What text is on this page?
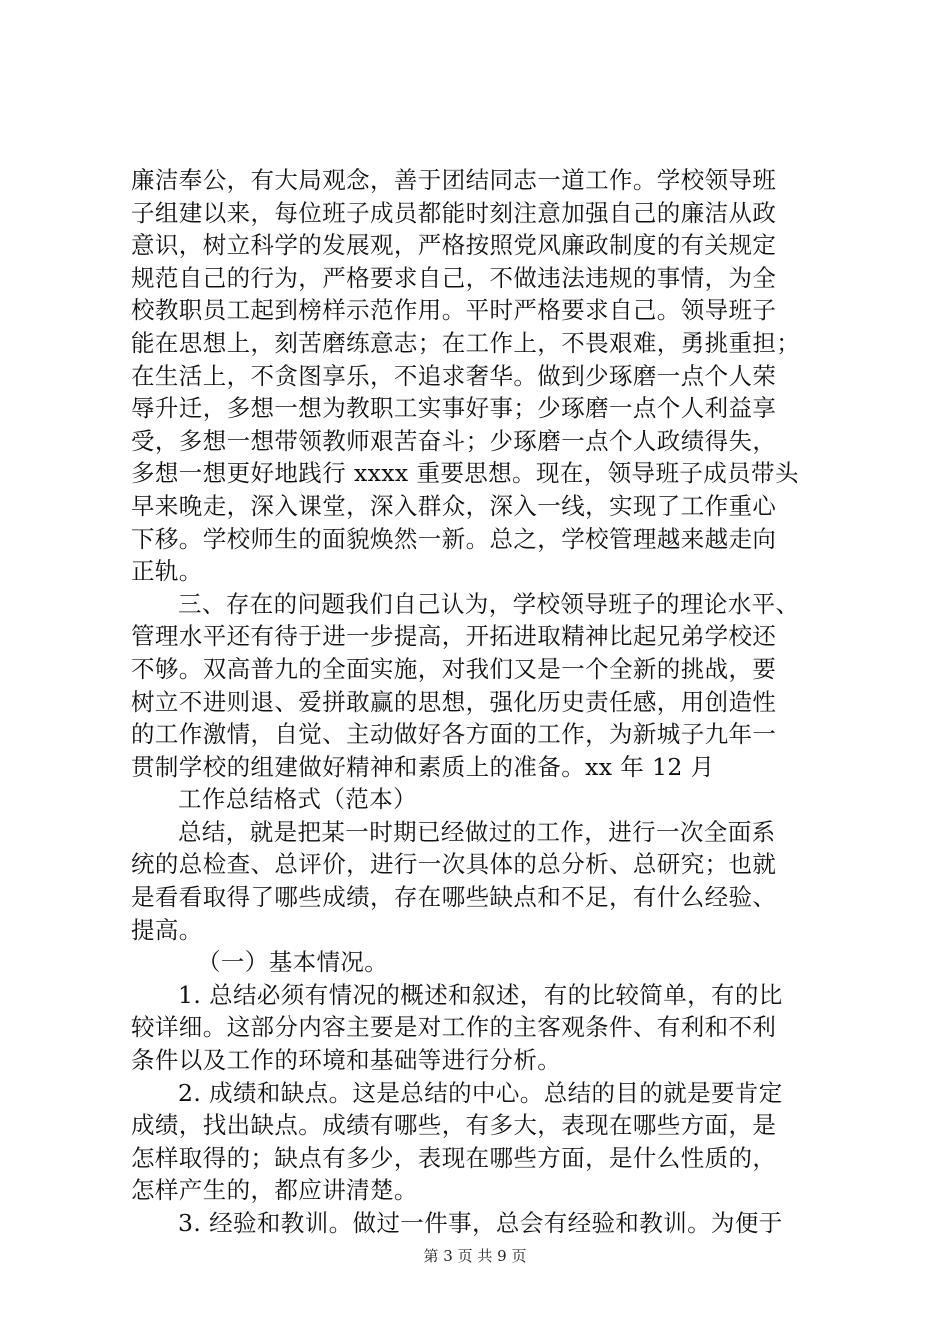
廉洁奉公，有大局观念，善于团结同志一道工作。学校领导班
子组建以来，每位班子成员都能时刻注意加强自己的廉洁从政
意识，树立科学的发展观，严格按照党风廉政制度的有关规定
规范自己的行为，严格要求自己，不做违法违规的事情，为全
校教职员工起到榜样示范作用。平时严格要求自己。领导班子
能在思想上，刻苦磨练意志；在工作上，不畏艰难，勇挑重担；
在生活上，不贪图享乐，不追求奢华。做到少琢磨一点个人荣
辱升迁，多想一想为教职工实事好事；少琢磨一点个人利益享
受，多想一想带领教师艰苦奋斗；少琢磨一点个人政绩得失，
多想一想更好地践行 xxxx 重要思想。现在，领导班子成员带头
早来晚走，深入课堂，深入群众，深入一线，实现了工作重心
下移。学校师生的面貌焕然一新。总之，学校管理越来越走向
正轨。
三、存在的问题我们自己认为，学校领导班子的理论水平、
管理水平还有待于进一步提高，开拓进取精神比起兄弟学校还
不够。双高普九的全面实施，对我们又是一个全新的挑战，要
树立不进则退、爱拼敢赢的思想，强化历史责任感，用创造性
的工作激情，自觉、主动做好各方面的工作，为新城子九年一
贯制学校的组建做好精神和素质上的准备。xx 年 12 月
工作总结格式（范本）
总结，就是把某一时期已经做过的工作，进行一次全面系
统的总检查、总评价，进行一次具体的总分析、总研究；也就
是看看取得了哪些成绩，存在哪些缺点和不足，有什么经验、
提高。
（一）基本情况。
1. 总结必须有情况的概述和叙述，有的比较简单，有的比
较详细。这部分内容主要是对工作的主客观条件、有利和不利
条件以及工作的环境和基础等进行分析。
2. 成绩和缺点。这是总结的中心。总结的目的就是要肯定
成绩，找出缺点。成绩有哪些，有多大，表现在哪些方面，是
怎样取得的；缺点有多少，表现在哪些方面，是什么性质的，
怎样产生的，都应讲清楚。
3. 经验和教训。做过一件事，总会有经验和教训。为便于
第 3 页 共 9 页
